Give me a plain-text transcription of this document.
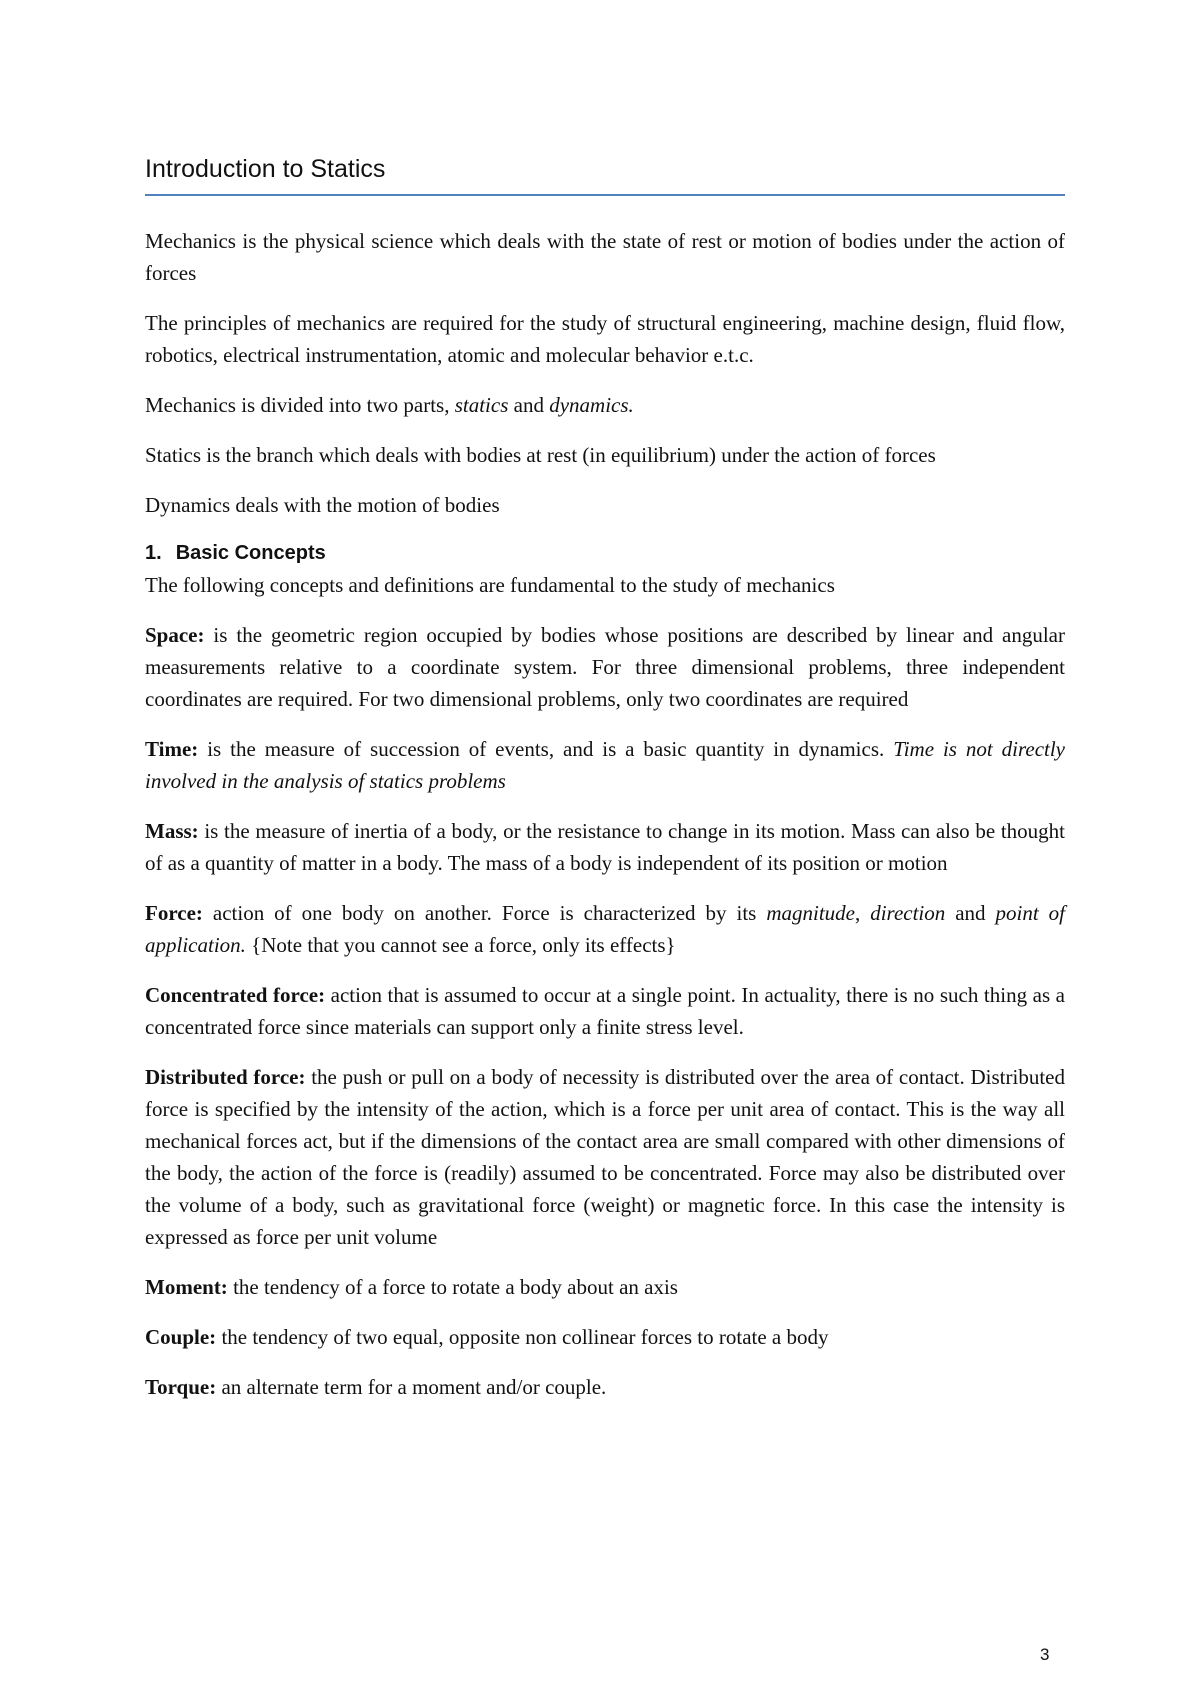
Introduction to Statics

Mechanics is the physical science which deals with the state of rest or motion of bodies under the action of forces

The principles of mechanics are required for the study of structural engineering, machine design, fluid flow, robotics, electrical instrumentation, atomic and molecular behavior e.t.c.

Mechanics is divided into two parts, statics and dynamics.

Statics is the branch which deals with bodies at rest (in equilibrium) under the action of forces

Dynamics deals with the motion of bodies

1. Basic Concepts

The following concepts and definitions are fundamental to the study of mechanics

Space: is the geometric region occupied by bodies whose positions are described by linear and angular measurements relative to a coordinate system. For three dimensional problems, three independent coordinates are required. For two dimensional problems, only two coordinates are required

Time: is the measure of succession of events, and is a basic quantity in dynamics. Time is not directly involved in the analysis of statics problems

Mass: is the measure of inertia of a body, or the resistance to change in its motion. Mass can also be thought of as a quantity of matter in a body. The mass of a body is independent of its position or motion

Force: action of one body on another. Force is characterized by its magnitude, direction and point of application. {Note that you cannot see a force, only its effects}

Concentrated force: action that is assumed to occur at a single point. In actuality, there is no such thing as a concentrated force since materials can support only a finite stress level.

Distributed force: the push or pull on a body of necessity is distributed over the area of contact. Distributed force is specified by the intensity of the action, which is a force per unit area of contact. This is the way all mechanical forces act, but if the dimensions of the contact area are small compared with other dimensions of the body, the action of the force is (readily) assumed to be concentrated. Force may also be distributed over the volume of a body, such as gravitational force (weight) or magnetic force. In this case the intensity is expressed as force per unit volume

Moment: the tendency of a force to rotate a body about an axis

Couple: the tendency of two equal, opposite non collinear forces to rotate a body

Torque: an alternate term for a moment and/or couple.

3
